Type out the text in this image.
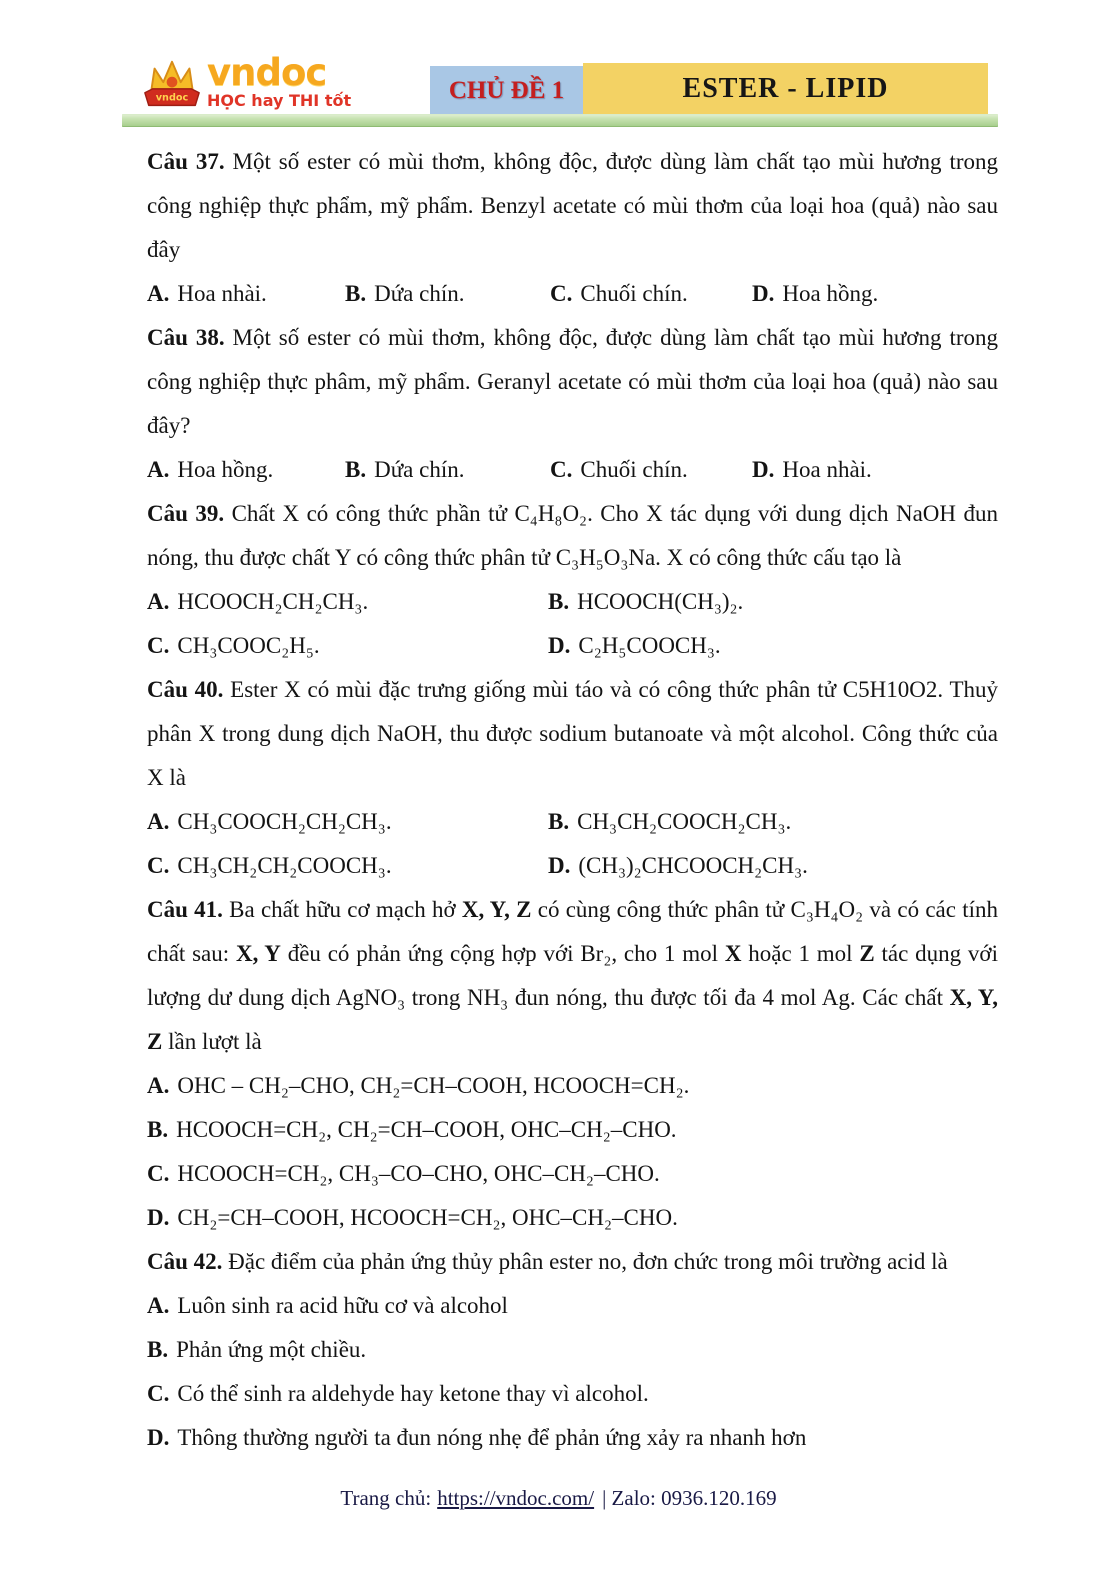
vndoc
vndoc
HỌC hay THI tốt	CHỦ ĐỀ 1	ESTER - LIPID

Câu 37. Một số ester có mùi thơm, không độc, được dùng làm chất tạo mùi hương trong công nghiệp thực phẩm, mỹ phẩm. Benzyl acetate có mùi thơm của loại hoa (quả) nào sau đây

A. Hoa nhài.	B. Dứa chín.	C. Chuối chín.	D. Hoa hồng.

Câu 38. Một số ester có mùi thơm, không độc, được dùng làm chất tạo mùi hương trong công nghiệp thực phâm, mỹ phẩm. Geranyl acetate có mùi thơm của loại hoa (quả) nào sau đây?

A. Hoa hồng.	B. Dứa chín.	C. Chuối chín.	D. Hoa nhài.

Câu 39. Chất X có công thức phần tử C₄H₈O₂. Cho X tác dụng với dung dịch NaOH đun nóng, thu được chất Y có công thức phân tử C₃H₅O₃Na. X có công thức cấu tạo là

A. HCOOCH₂CH₂CH₃.	B. HCOOCH(CH₃)₂.
C. CH₃COOC₂H₅.	D. C₂H₅COOCH₃.

Câu 40. Ester X có mùi đặc trưng giống mùi táo và có công thức phân tử C5H10O2. Thuỷ phân X trong dung dịch NaOH, thu được sodium butanoate và một alcohol. Công thức của X là

A. CH₃COOCH₂CH₂CH₃.	B. CH₃CH₂COOCH₂CH₃.
C. CH₃CH₂CH₂COOCH₃.	D. (CH₃)₂CHCOOCH₂CH₃.

Câu 41. Ba chất hữu cơ mạch hở X, Y, Z có cùng công thức phân tử C₃H₄O₂ và có các tính chất sau: X, Y đều có phản ứng cộng hợp với Br₂, cho 1 mol X hoặc 1 mol Z tác dụng với lượng dư dung dịch AgNO₃ trong NH₃ đun nóng, thu được tối đa 4 mol Ag. Các chất X, Y, Z lần lượt là

A. OHC – CH₂–CHO, CH₂=CH–COOH, HCOOCH=CH₂.
B. HCOOCH=CH₂, CH₂=CH–COOH, OHC–CH₂–CHO.
C. HCOOCH=CH₂, CH₃–CO–CHO, OHC–CH₂–CHO.
D. CH₂=CH–COOH, HCOOCH=CH₂, OHC–CH₂–CHO.

Câu 42. Đặc điểm của phản ứng thủy phân ester no, đơn chức trong môi trường acid là

A. Luôn sinh ra acid hữu cơ và alcohol
B. Phản ứng một chiều.
C. Có thể sinh ra aldehyde hay ketone thay vì alcohol.
D. Thông thường người ta đun nóng nhẹ để phản ứng xảy ra nhanh hơn
Trang chủ: https://vndoc.com/ | Zalo: 0936.120.169
